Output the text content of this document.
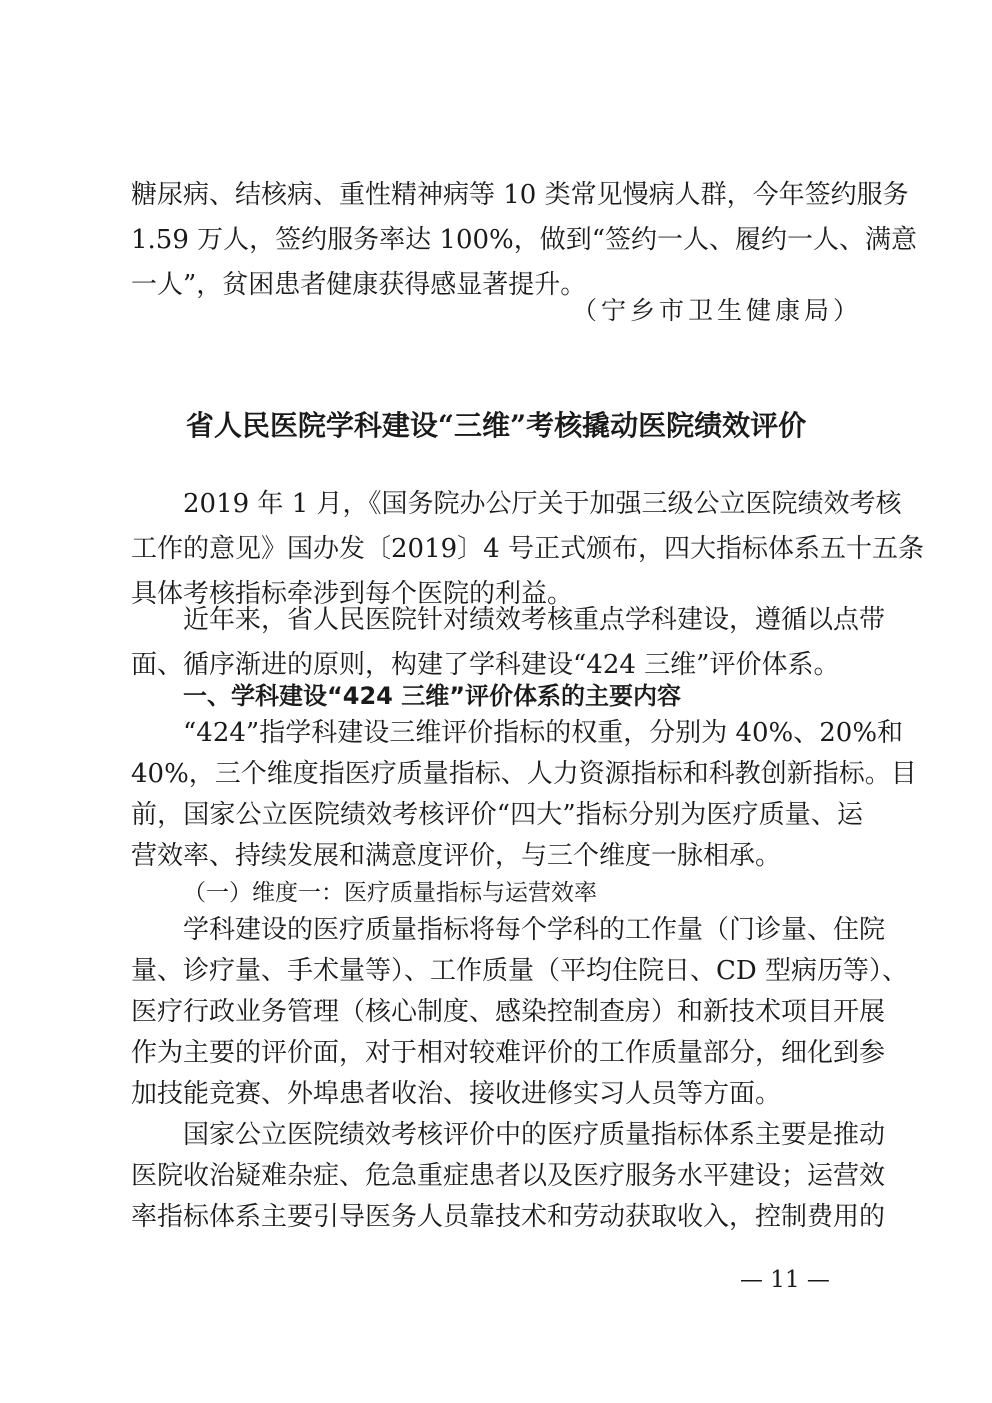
糖尿病、结核病、重性精神病等 10 类常见慢病人群，今年签约服务

1.59 万人，签约服务率达 100%，做到“签约一人、履约一人、满意

一人”，贫困患者健康获得感显著提升。

（宁乡市卫生健康局）

省人民医院学科建设“三维”考核撬动医院绩效评价

2019 年 1 月，《国务院办公厅关于加强三级公立医院绩效考核

工作的意见》国办发〔2019〕4 号正式颁布，四大指标体系五十五条

具体考核指标牵涉到每个医院的利益。

近年来，省人民医院针对绩效考核重点学科建设，遵循以点带

面、循序渐进的原则，构建了学科建设“424 三维”评价体系。

一、学科建设“424 三维”评价体系的主要内容

“424”指学科建设三维评价指标的权重，分别为 40%、20%和

40%，三个维度指医疗质量指标、人力资源指标和科教创新指标。目

前，国家公立医院绩效考核评价“四大”指标分别为医疗质量、运

营效率、持续发展和满意度评价，与三个维度一脉相承。

（一）维度一：医疗质量指标与运营效率

学科建设的医疗质量指标将每个学科的工作量（门诊量、住院

量、诊疗量、手术量等）、工作质量（平均住院日、CD 型病历等）、

医疗行政业务管理（核心制度、感染控制查房）和新技术项目开展

作为主要的评价面，对于相对较难评价的工作质量部分，细化到参

加技能竞赛、外埠患者收治、接收进修实习人员等方面。

国家公立医院绩效考核评价中的医疗质量指标体系主要是推动

医院收治疑难杂症、危急重症患者以及医疗服务水平建设；运营效

率指标体系主要引导医务人员靠技术和劳动获取收入，控制费用的

— 11 —
